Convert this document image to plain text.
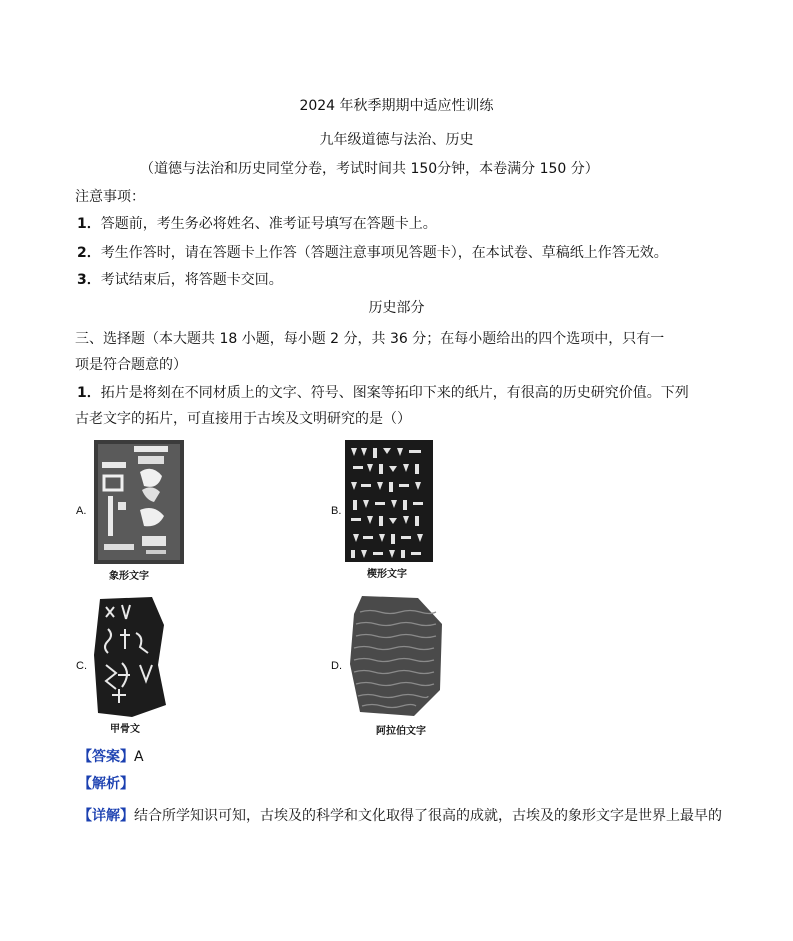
2024 年秋季期期中适应性训练
九年级道德与法治、历史
（道德与法治和历史同堂分卷，考试时间共 150分钟，本卷满分 150 分）
注意事项：
1．答题前，考生务必将姓名、准考证号填写在答题卡上。
2．考生作答时，请在答题卡上作答（答题注意事项见答题卡），在本试卷、草稿纸上作答无效。
3．考试结束后，将答题卡交回。
历史部分
三、选择题（本大题共 18 小题，每小题 2 分，共 36 分；在每小题给出的四个选项中，只有一
项是符合题意的）
1．拓片是将刻在不同材质上的文字、符号、图案等拓印下来的纸片，有很高的历史研究价值。下列
古老文字的拓片，可直接用于古埃及文明研究的是（）
A.
象形文字
B.
楔形文字
C.
甲骨文
D.
阿拉伯文字
【答案】A
【解析】
【详解】结合所学知识可知，古埃及的科学和文化取得了很高的成就，古埃及的象形文字是世界上最早的
